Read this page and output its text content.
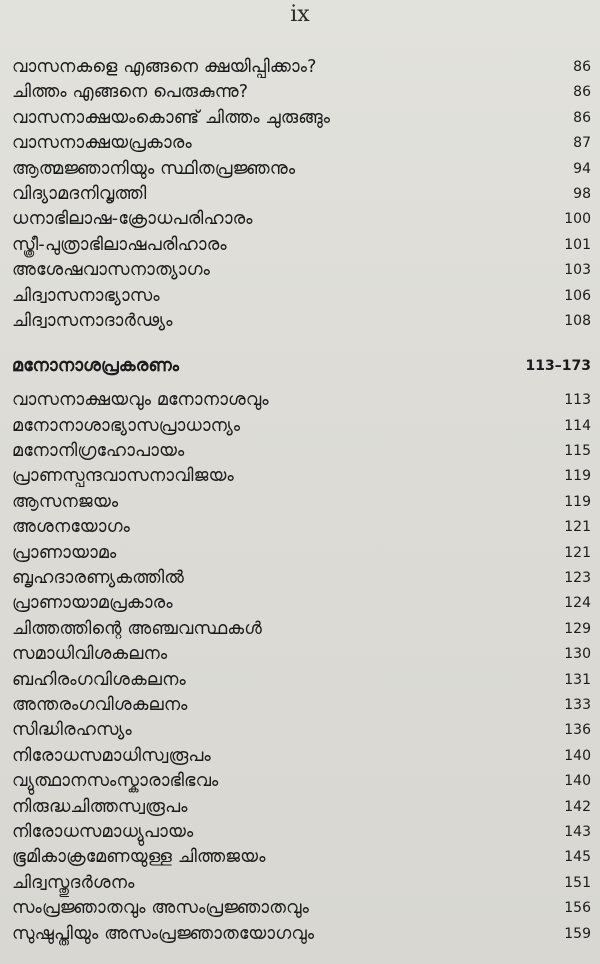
ix
വാസനകളെ എങ്ങനെ ക്ഷയിപ്പിക്കാം?	86
ചിത്തം എങ്ങനെ പെരുകുന്നു?	86
വാസനാക്ഷയംകൊണ്ട് ചിത്തം ചുരുങ്ങും	86
വാസനാക്ഷയപ്രകാരം	87
ആത്മജ്ഞാനിയും സ്ഥിതപ്രജ്ഞനും	94
വിദ്യാമദനിവൃത്തി	98
ധനാഭിലാഷ-ക്രോധപരിഹാരം	100
സ്ത്രീ-പുത്രാഭിലാഷപരിഹാരം	101
അശേഷവാസനാത്യാഗം	103
ചിദ്വാസനാഭ്യാസം	106
ചിദ്വാസനാദാർഢ്യം	108
മനോനാശപ്രകരണം	113–173
വാസനാക്ഷയവും മനോനാശവും	113
മനോനാശാഭ്യാസപ്രാധാന്യം	114
മനോനിഗ്രഹോപായം	115
പ്രാണസ്പന്ദവാസനാവിജയം	119
ആസനജയം	119
അശനയോഗം	121
പ്രാണായാമം	121
ബൃഹദാരണ്യകത്തിൽ	123
പ്രാണായാമപ്രകാരം	124
ചിത്തത്തിന്റെ അഞ്ചവസ്ഥകൾ	129
സമാധിവിശകലനം	130
ബഹിരംഗവിശകലനം	131
അന്തരംഗവിശകലനം	133
സിദ്ധിരഹസ്യം	136
നിരോധസമാധിസ്വരൂപം	140
വ്യുത്ഥാനസംസ്കാരാഭിഭവം	140
നിരുദ്ധചിത്തസ്വരൂപം	142
നിരോധസമാധ്യുപായം	143
ഭൂമികാക്രമേണയുള്ള ചിത്തജയം	145
ചിദ്വസ്തുദർശനം	151
സംപ്രജ്ഞാതവും അസംപ്രജ്ഞാതവും	156
സുഷുപ്തിയും അസംപ്രജ്ഞാതയോഗവും	159
